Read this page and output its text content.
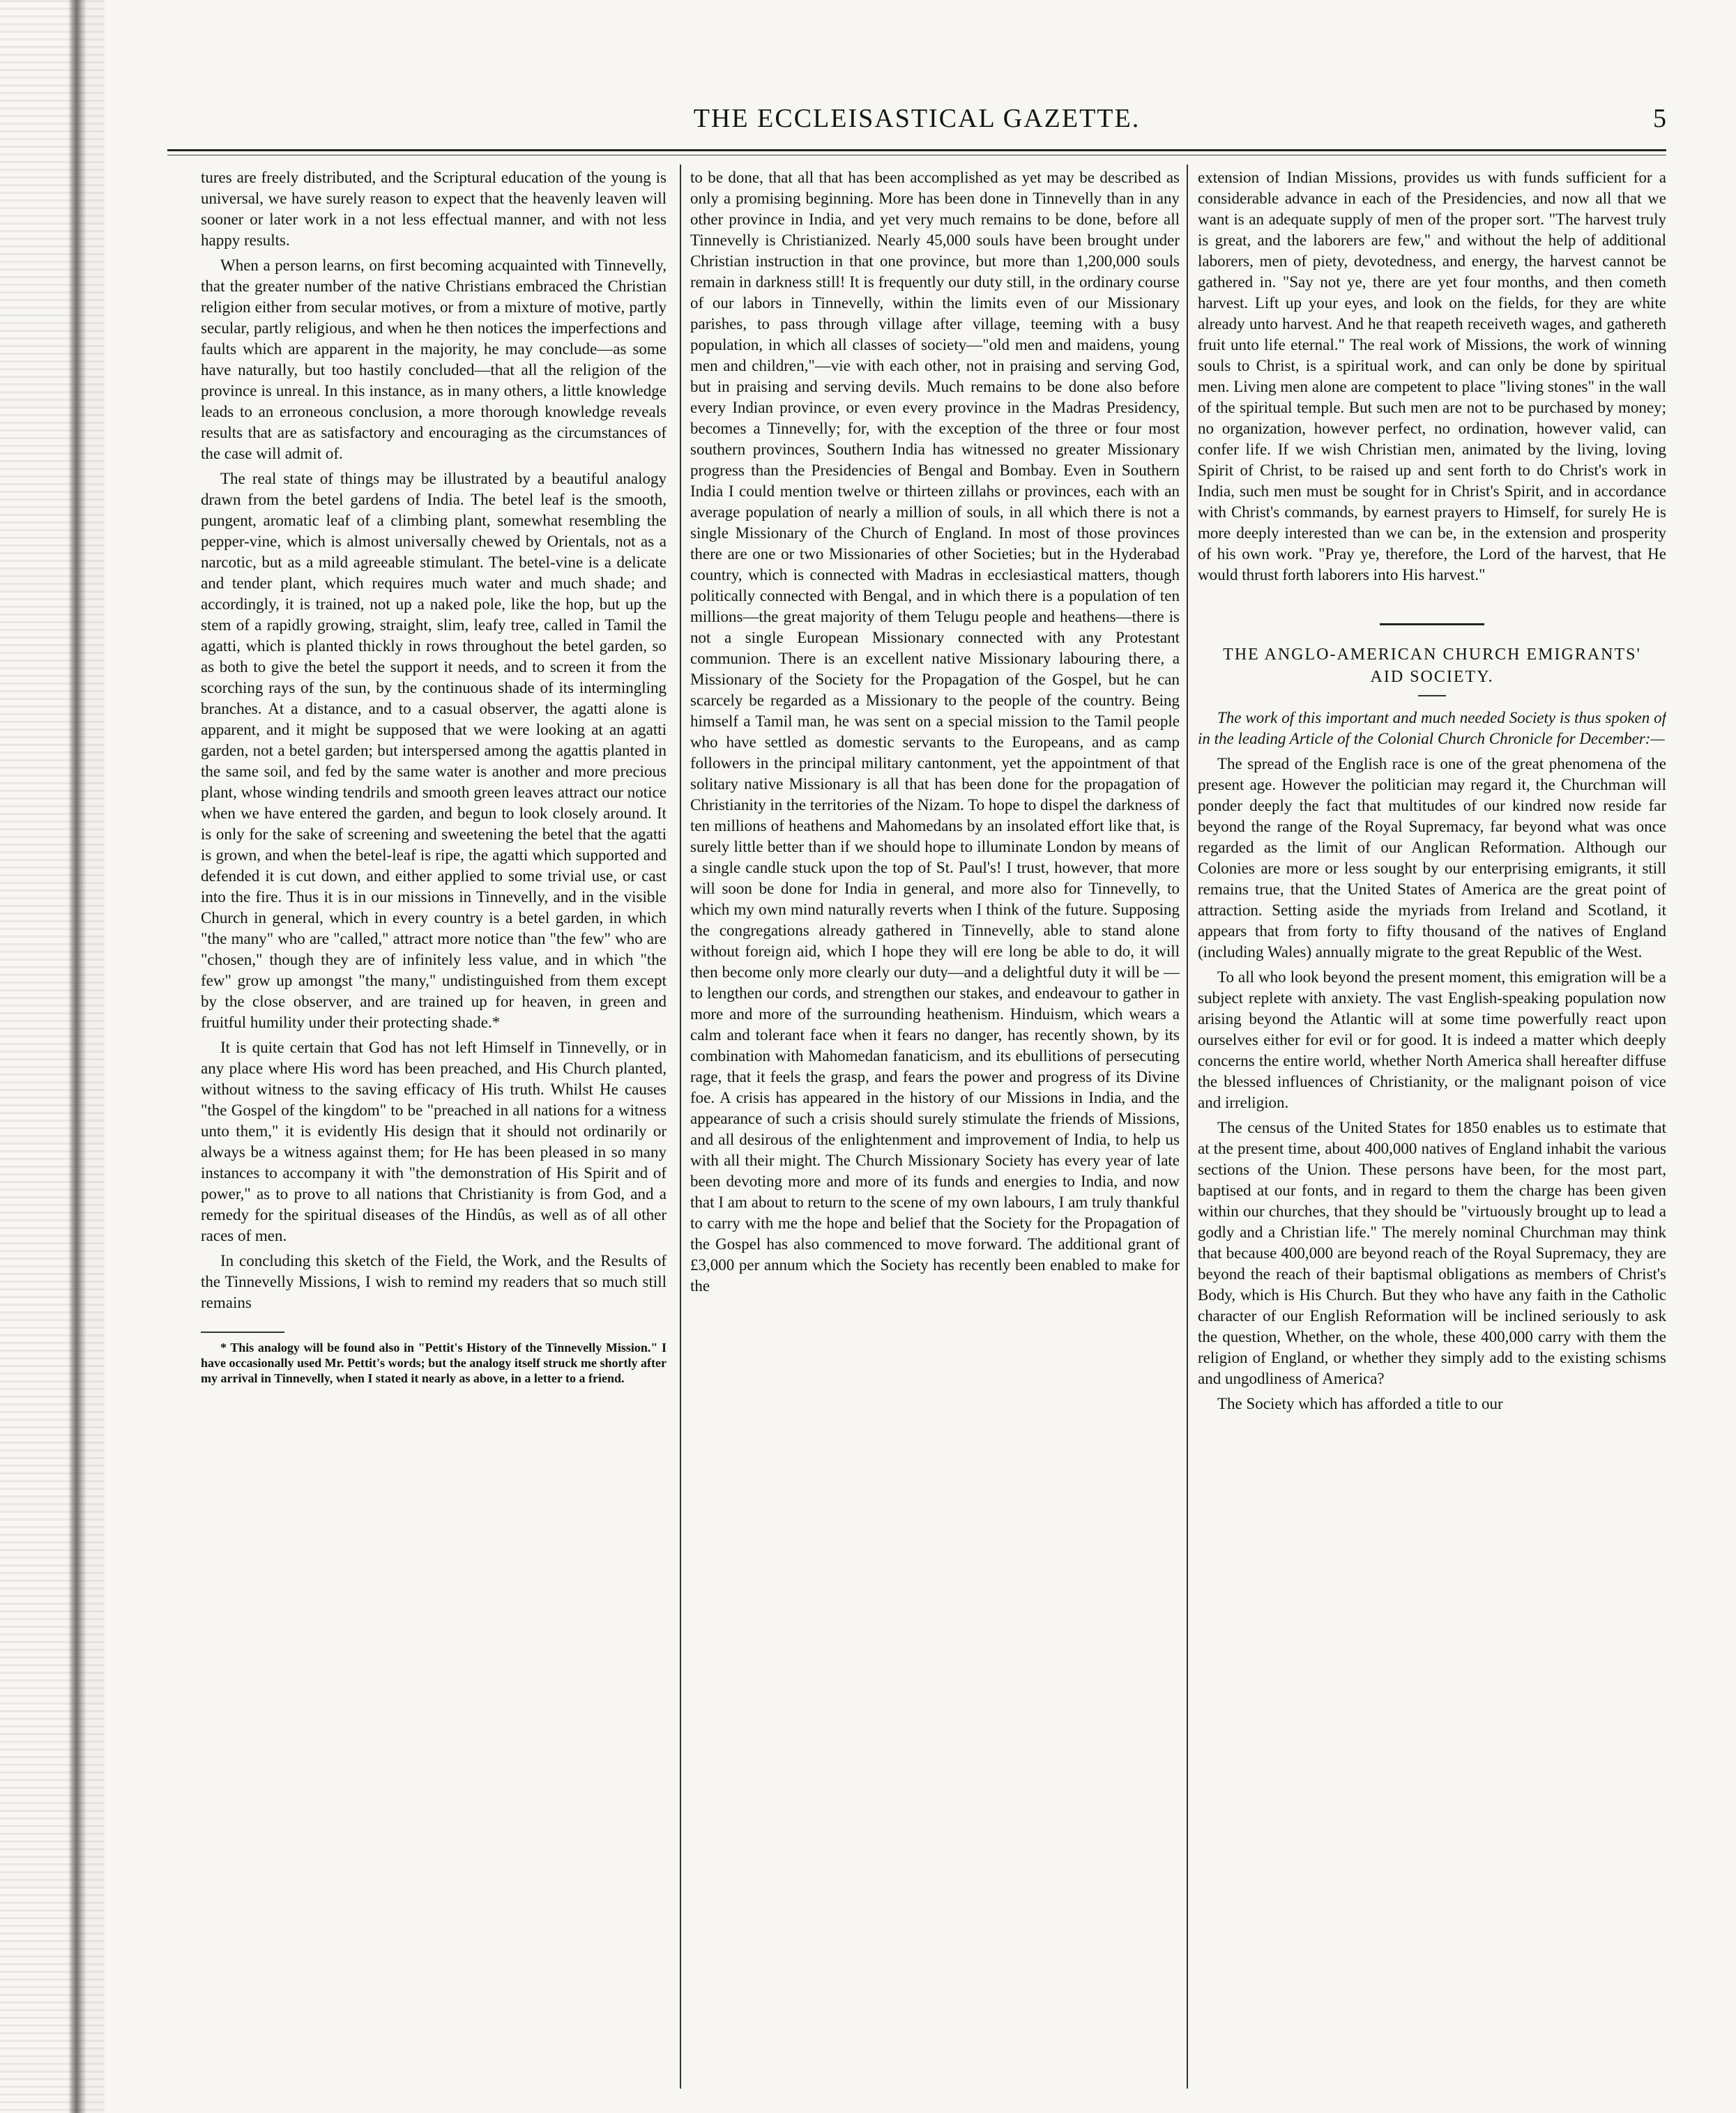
THE ECCLEISASTICAL GAZETTE.	5

tures are freely distributed, and the Scriptural education of the young is universal, we have surely reason to expect that the heavenly leaven will sooner or later work in a not less effectual manner, and with not less happy results.

When a person learns, on first becoming acquainted with Tinnevelly, that the greater number of the native Christians embraced the Christian religion either from secular motives, or from a mixture of motive, partly secular, partly religious, and when he then notices the imperfections and faults which are apparent in the majority, he may conclude—as some have naturally, but too hastily concluded—that all the religion of the province is unreal. In this instance, as in many others, a little knowledge leads to an erroneous conclusion, a more thorough knowledge reveals results that are as satisfactory and encouraging as the circumstances of the case will admit of.

The real state of things may be illustrated by a beautiful analogy drawn from the betel gardens of India. The betel leaf is the smooth, pungent, aromatic leaf of a climbing plant, somewhat resembling the pepper-vine, which is almost universally chewed by Orientals, not as a narcotic, but as a mild agreeable stimulant. The betel-vine is a delicate and tender plant, which requires much water and much shade; and accordingly, it is trained, not up a naked pole, like the hop, but up the stem of a rapidly growing, straight, slim, leafy tree, called in Tamil the agatti, which is planted thickly in rows throughout the betel garden, so as both to give the betel the support it needs, and to screen it from the scorching rays of the sun, by the continuous shade of its intermingling branches. At a distance, and to a casual observer, the agatti alone is apparent, and it might be supposed that we were looking at an agatti garden, not a betel garden; but interspersed among the agattis planted in the same soil, and fed by the same water is another and more precious plant, whose winding tendrils and smooth green leaves attract our notice when we have entered the garden, and begun to look closely around. It is only for the sake of screening and sweetening the betel that the agatti is grown, and when the betel-leaf is ripe, the agatti which supported and defended it is cut down, and either applied to some trivial use, or cast into the fire. Thus it is in our missions in Tinnevelly, and in the visible Church in general, which in every country is a betel garden, in which "the many" who are "called," attract more notice than "the few" who are "chosen," though they are of infinitely less value, and in which "the few" grow up amongst "the many," undistinguished from them except by the close observer, and are trained up for heaven, in green and fruitful humility under their protecting shade.*

It is quite certain that God has not left Himself in Tinnevelly, or in any place where His word has been preached, and His Church planted, without witness to the saving efficacy of His truth. Whilst He causes "the Gospel of the kingdom" to be "preached in all nations for a witness unto them," it is evidently His design that it should not ordinarily or always be a witness against them; for He has been pleased in so many instances to accompany it with "the demonstration of His Spirit and of power," as to prove to all nations that Christianity is from God, and a remedy for the spiritual diseases of the Hindûs, as well as of all other races of men.

In concluding this sketch of the Field, the Work, and the Results of the Tinnevelly Missions, I wish to remind my readers that so much still remains

* This analogy will be found also in "Pettit's History of the Tinnevelly Mission." I have occasionally used Mr. Pettit's words; but the analogy itself struck me shortly after my arrival in Tinnevelly, when I stated it nearly as above, in a letter to a friend.

to be done, that all that has been accomplished as yet may be described as only a promising beginning. More has been done in Tinnevelly than in any other province in India, and yet very much remains to be done, before all Tinnevelly is Christianized. Nearly 45,000 souls have been brought under Christian instruction in that one province, but more than 1,200,000 souls remain in darkness still! It is frequently our duty still, in the ordinary course of our labors in Tinnevelly, within the limits even of our Missionary parishes, to pass through village after village, teeming with a busy population, in which all classes of society—"old men and maidens, young men and children,"—vie with each other, not in praising and serving God, but in praising and serving devils. Much remains to be done also before every Indian province, or even every province in the Madras Presidency, becomes a Tinnevelly; for, with the exception of the three or four most southern provinces, Southern India has witnessed no greater Missionary progress than the Presidencies of Bengal and Bombay. Even in Southern India I could mention twelve or thirteen zillahs or provinces, each with an average population of nearly a million of souls, in all which there is not a single Missionary of the Church of England. In most of those provinces there are one or two Missionaries of other Societies; but in the Hyderabad country, which is connected with Madras in ecclesiastical matters, though politically connected with Bengal, and in which there is a population of ten millions—the great majority of them Telugu people and heathens—there is not a single European Missionary connected with any Protestant communion. There is an excellent native Missionary labouring there, a Missionary of the Society for the Propagation of the Gospel, but he can scarcely be regarded as a Missionary to the people of the country. Being himself a Tamil man, he was sent on a special mission to the Tamil people who have settled as domestic servants to the Europeans, and as camp followers in the principal military cantonment, yet the appointment of that solitary native Missionary is all that has been done for the propagation of Christianity in the territories of the Nizam. To hope to dispel the darkness of ten millions of heathens and Mahomedans by an insolated effort like that, is surely little better than if we should hope to illuminate London by means of a single candle stuck upon the top of St. Paul's! I trust, however, that more will soon be done for India in general, and more also for Tinnevelly, to which my own mind naturally reverts when I think of the future. Supposing the congregations already gathered in Tinnevelly, able to stand alone without foreign aid, which I hope they will ere long be able to do, it will then become only more clearly our duty—and a delightful duty it will be —to lengthen our cords, and strengthen our stakes, and endeavour to gather in more and more of the surrounding heathenism. Hinduism, which wears a calm and tolerant face when it fears no danger, has recently shown, by its combination with Mahomedan fanaticism, and its ebullitions of persecuting rage, that it feels the grasp, and fears the power and progress of its Divine foe. A crisis has appeared in the history of our Missions in India, and the appearance of such a crisis should surely stimulate the friends of Missions, and all desirous of the enlightenment and improvement of India, to help us with all their might. The Church Missionary Society has every year of late been devoting more and more of its funds and energies to India, and now that I am about to return to the scene of my own labours, I am truly thankful to carry with me the hope and belief that the Society for the Propagation of the Gospel has also commenced to move forward. The additional grant of £3,000 per annum which the Society has recently been enabled to make for the

extension of Indian Missions, provides us with funds sufficient for a considerable advance in each of the Presidencies, and now all that we want is an adequate supply of men of the proper sort. "The harvest truly is great, and the laborers are few," and without the help of additional laborers, men of piety, devotedness, and energy, the harvest cannot be gathered in. "Say not ye, there are yet four months, and then cometh harvest. Lift up your eyes, and look on the fields, for they are white already unto harvest. And he that reapeth receiveth wages, and gathereth fruit unto life eternal." The real work of Missions, the work of winning souls to Christ, is a spiritual work, and can only be done by spiritual men. Living men alone are competent to place "living stones" in the wall of the spiritual temple. But such men are not to be purchased by money; no organization, however perfect, no ordination, however valid, can confer life. If we wish Christian men, animated by the living, loving Spirit of Christ, to be raised up and sent forth to do Christ's work in India, such men must be sought for in Christ's Spirit, and in accordance with Christ's commands, by earnest prayers to Himself, for surely He is more deeply interested than we can be, in the extension and prosperity of his own work. "Pray ye, therefore, the Lord of the harvest, that He would thrust forth laborers into His harvest."

THE ANGLO-AMERICAN CHURCH EMIGRANTS' AID SOCIETY.

The work of this important and much needed Society is thus spoken of in the leading Article of the Colonial Church Chronicle for December:—

The spread of the English race is one of the great phenomena of the present age. However the politician may regard it, the Churchman will ponder deeply the fact that multitudes of our kindred now reside far beyond the range of the Royal Supremacy, far beyond what was once regarded as the limit of our Anglican Reformation. Although our Colonies are more or less sought by our enterprising emigrants, it still remains true, that the United States of America are the great point of attraction. Setting aside the myriads from Ireland and Scotland, it appears that from forty to fifty thousand of the natives of England (including Wales) annually migrate to the great Republic of the West.

To all who look beyond the present moment, this emigration will be a subject replete with anxiety. The vast English-speaking population now arising beyond the Atlantic will at some time powerfully react upon ourselves either for evil or for good. It is indeed a matter which deeply concerns the entire world, whether North America shall hereafter diffuse the blessed influences of Christianity, or the malignant poison of vice and irreligion.

The census of the United States for 1850 enables us to estimate that at the present time, about 400,000 natives of England inhabit the various sections of the Union. These persons have been, for the most part, baptised at our fonts, and in regard to them the charge has been given within our churches, that they should be "virtuously brought up to lead a godly and a Christian life." The merely nominal Churchman may think that because 400,000 are beyond reach of the Royal Supremacy, they are beyond the reach of their baptismal obligations as members of Christ's Body, which is His Church. But they who have any faith in the Catholic character of our English Reformation will be inclined seriously to ask the question, Whether, on the whole, these 400,000 carry with them the religion of England, or whether they simply add to the existing schisms and ungodliness of America?

The Society which has afforded a title to our
